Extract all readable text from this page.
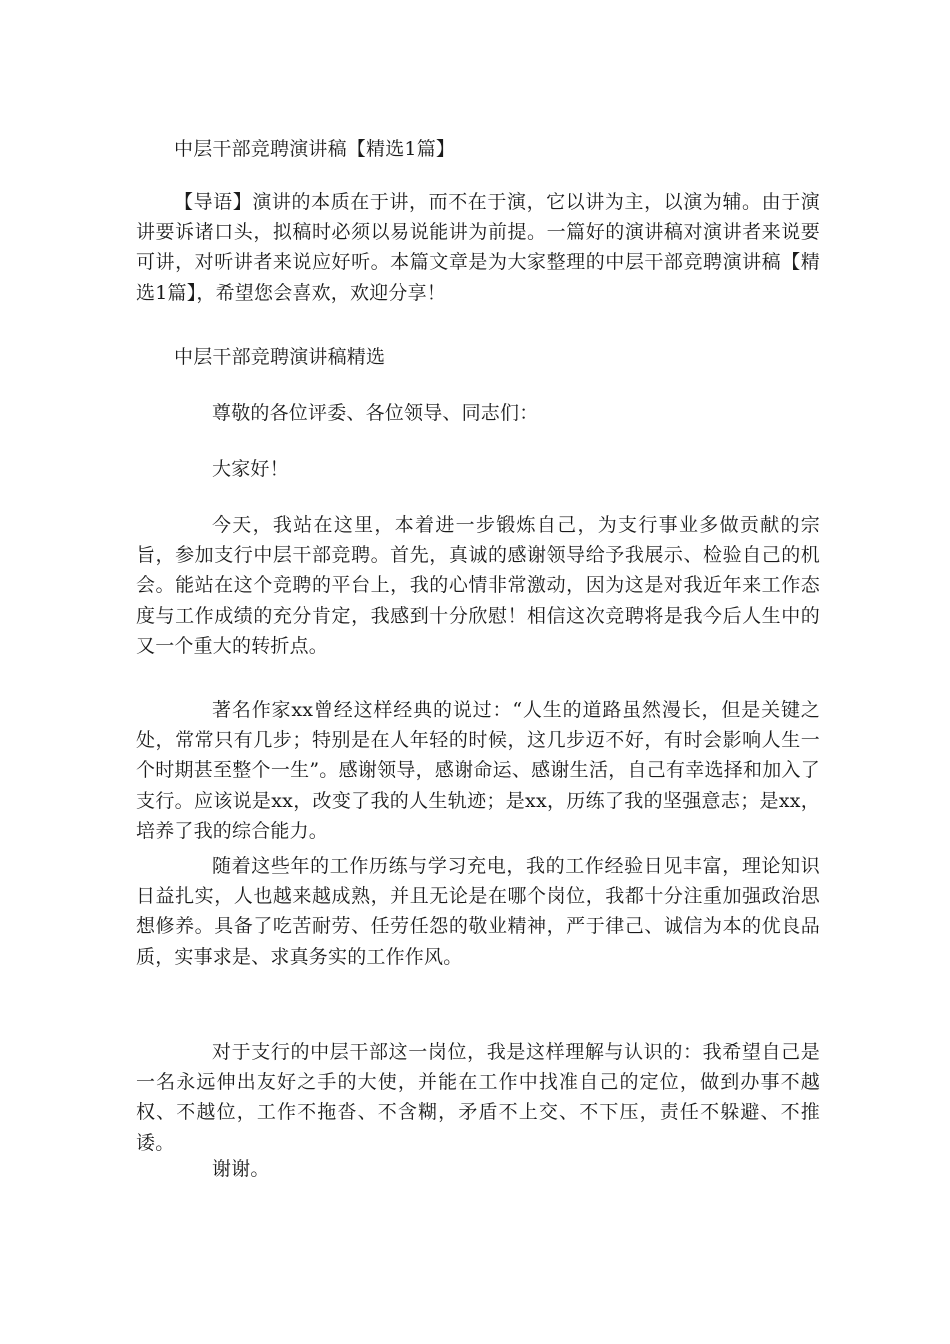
中层干部竞聘演讲稿【精选1篇】

【导语】演讲的本质在于讲，而不在于演，它以讲为主，以演为辅。由于演讲要诉诸口头，拟稿时必须以易说能讲为前提。一篇好的演讲稿对演讲者来说要可讲，对听讲者来说应好听。本篇文章是为大家整理的中层干部竞聘演讲稿【精选1篇】，希望您会喜欢，欢迎分享！

中层干部竞聘演讲稿精选

尊敬的各位评委、各位领导、同志们：

大家好！

今天，我站在这里，本着进一步锻炼自己，为支行事业多做贡献的宗旨，参加支行中层干部竞聘。首先，真诚的感谢领导给予我展示、检验自己的机会。能站在这个竞聘的平台上，我的心情非常激动，因为这是对我近年来工作态度与工作成绩的充分肯定，我感到十分欣慰！相信这次竞聘将是我今后人生中的又一个重大的转折点。

著名作家xx曾经这样经典的说过：“人生的道路虽然漫长，但是关键之处，常常只有几步；特别是在人年轻的时候，这几步迈不好，有时会影响人生一个时期甚至整个一生”。感谢领导，感谢命运、感谢生活，自己有幸选择和加入了支行。应该说是xx，改变了我的人生轨迹；是xx，历练了我的坚强意志；是xx，培养了我的综合能力。

随着这些年的工作历练与学习充电，我的工作经验日见丰富，理论知识日益扎实，人也越来越成熟，并且无论是在哪个岗位，我都十分注重加强政治思想修养。具备了吃苦耐劳、任劳任怨的敬业精神，严于律己、诚信为本的优良品质，实事求是、求真务实的工作作风。

对于支行的中层干部这一岗位，我是这样理解与认识的：我希望自己是一名永远伸出友好之手的大使，并能在工作中找准自己的定位，做到办事不越权、不越位，工作不拖沓、不含糊，矛盾不上交、不下压，责任不躲避、不推诿。

谢谢。
